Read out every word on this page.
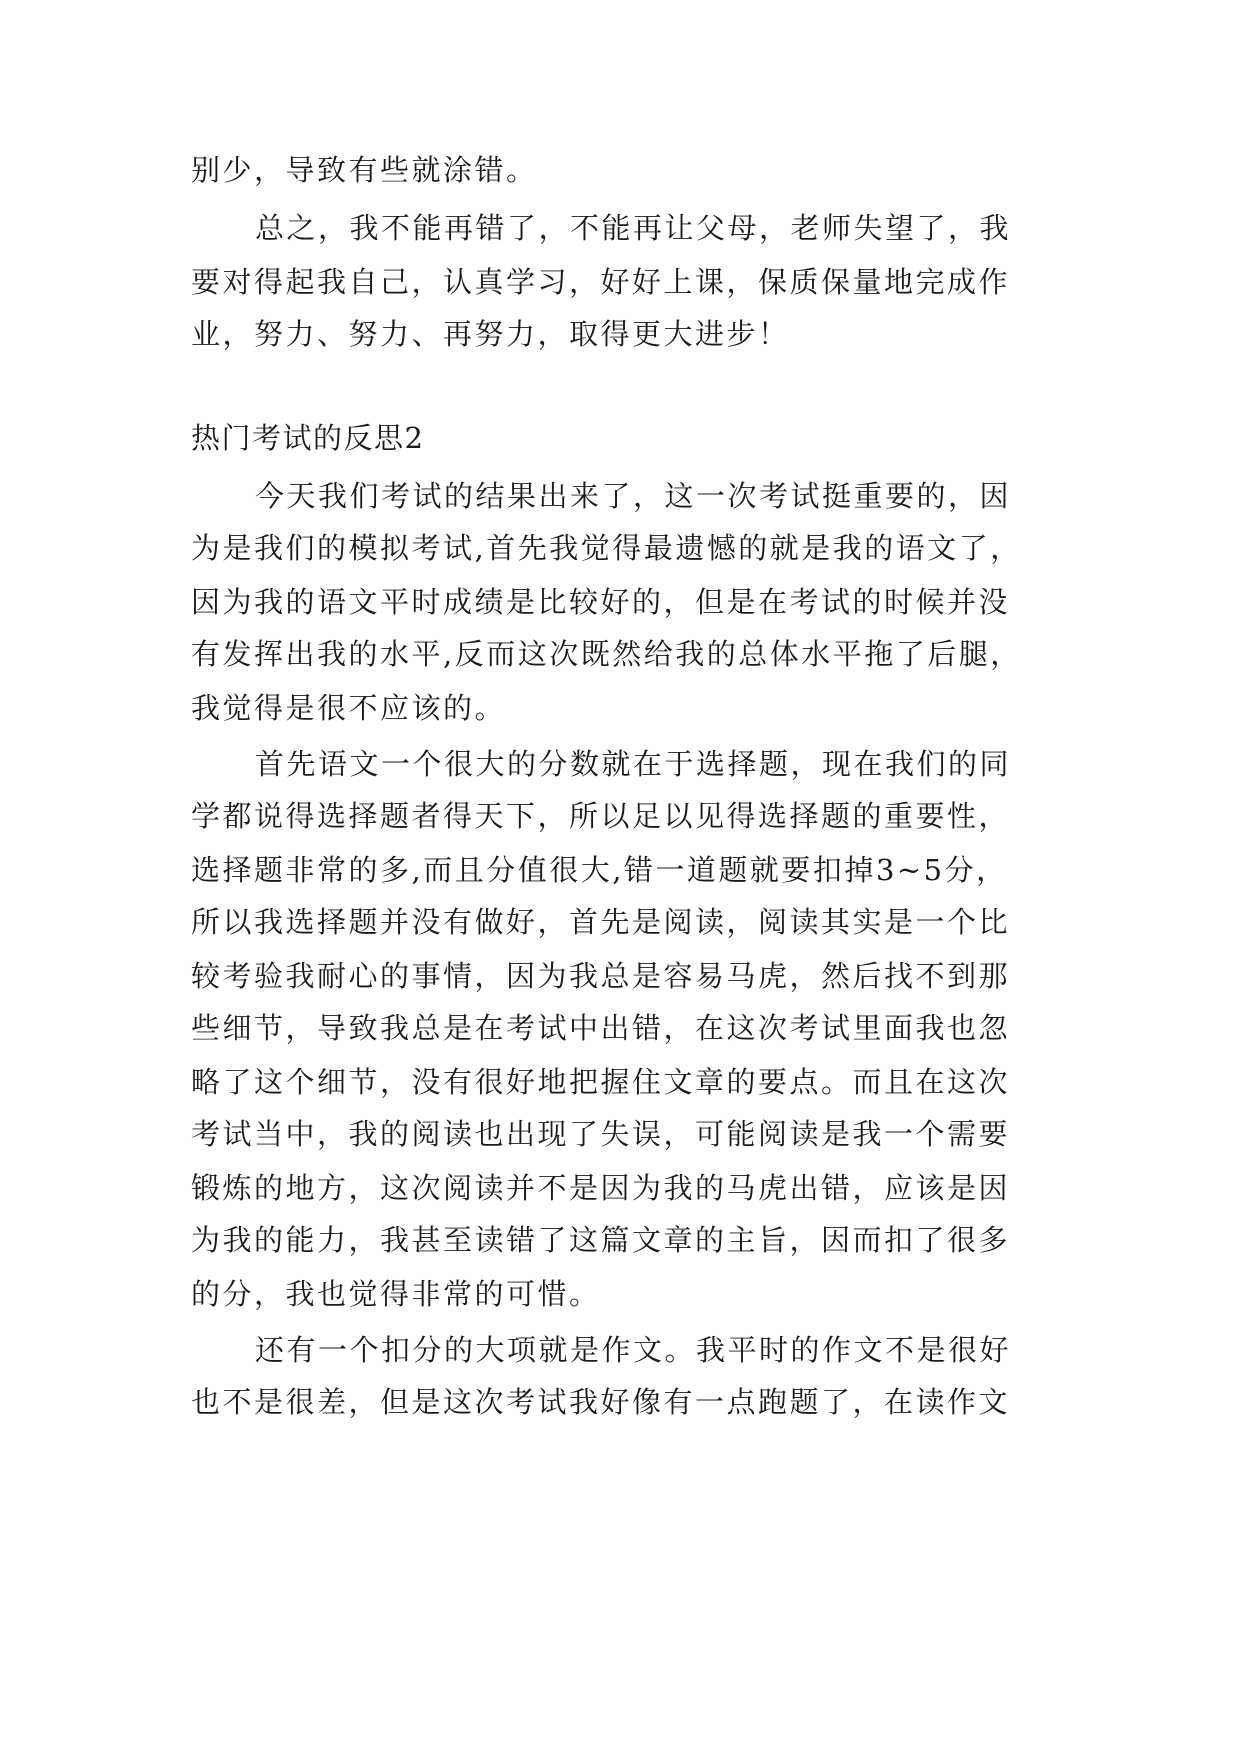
别少，导致有些就涂错。
总之，我不能再错了，不能再让父母，老师失望了，我
要对得起我自己，认真学习，好好上课，保质保量地完成作
业，努力、努力、再努力，取得更大进步！
热门考试的反思2
今天我们考试的结果出来了，这一次考试挺重要的，因
为是我们的模拟考试,首先我觉得最遗憾的就是我的语文了，
因为我的语文平时成绩是比较好的，但是在考试的时候并没
有发挥出我的水平,反而这次既然给我的总体水平拖了后腿，
我觉得是很不应该的。
首先语文一个很大的分数就在于选择题，现在我们的同
学都说得选择题者得天下，所以足以见得选择题的重要性，
选择题非常的多,而且分值很大,错一道题就要扣掉3~5分，
所以我选择题并没有做好，首先是阅读，阅读其实是一个比
较考验我耐心的事情，因为我总是容易马虎，然后找不到那
些细节，导致我总是在考试中出错，在这次考试里面我也忽
略了这个细节，没有很好地把握住文章的要点。而且在这次
考试当中，我的阅读也出现了失误，可能阅读是我一个需要
锻炼的地方，这次阅读并不是因为我的马虎出错，应该是因
为我的能力，我甚至读错了这篇文章的主旨，因而扣了很多
的分，我也觉得非常的可惜。
还有一个扣分的大项就是作文。我平时的作文不是很好
也不是很差，但是这次考试我好像有一点跑题了，在读作文
